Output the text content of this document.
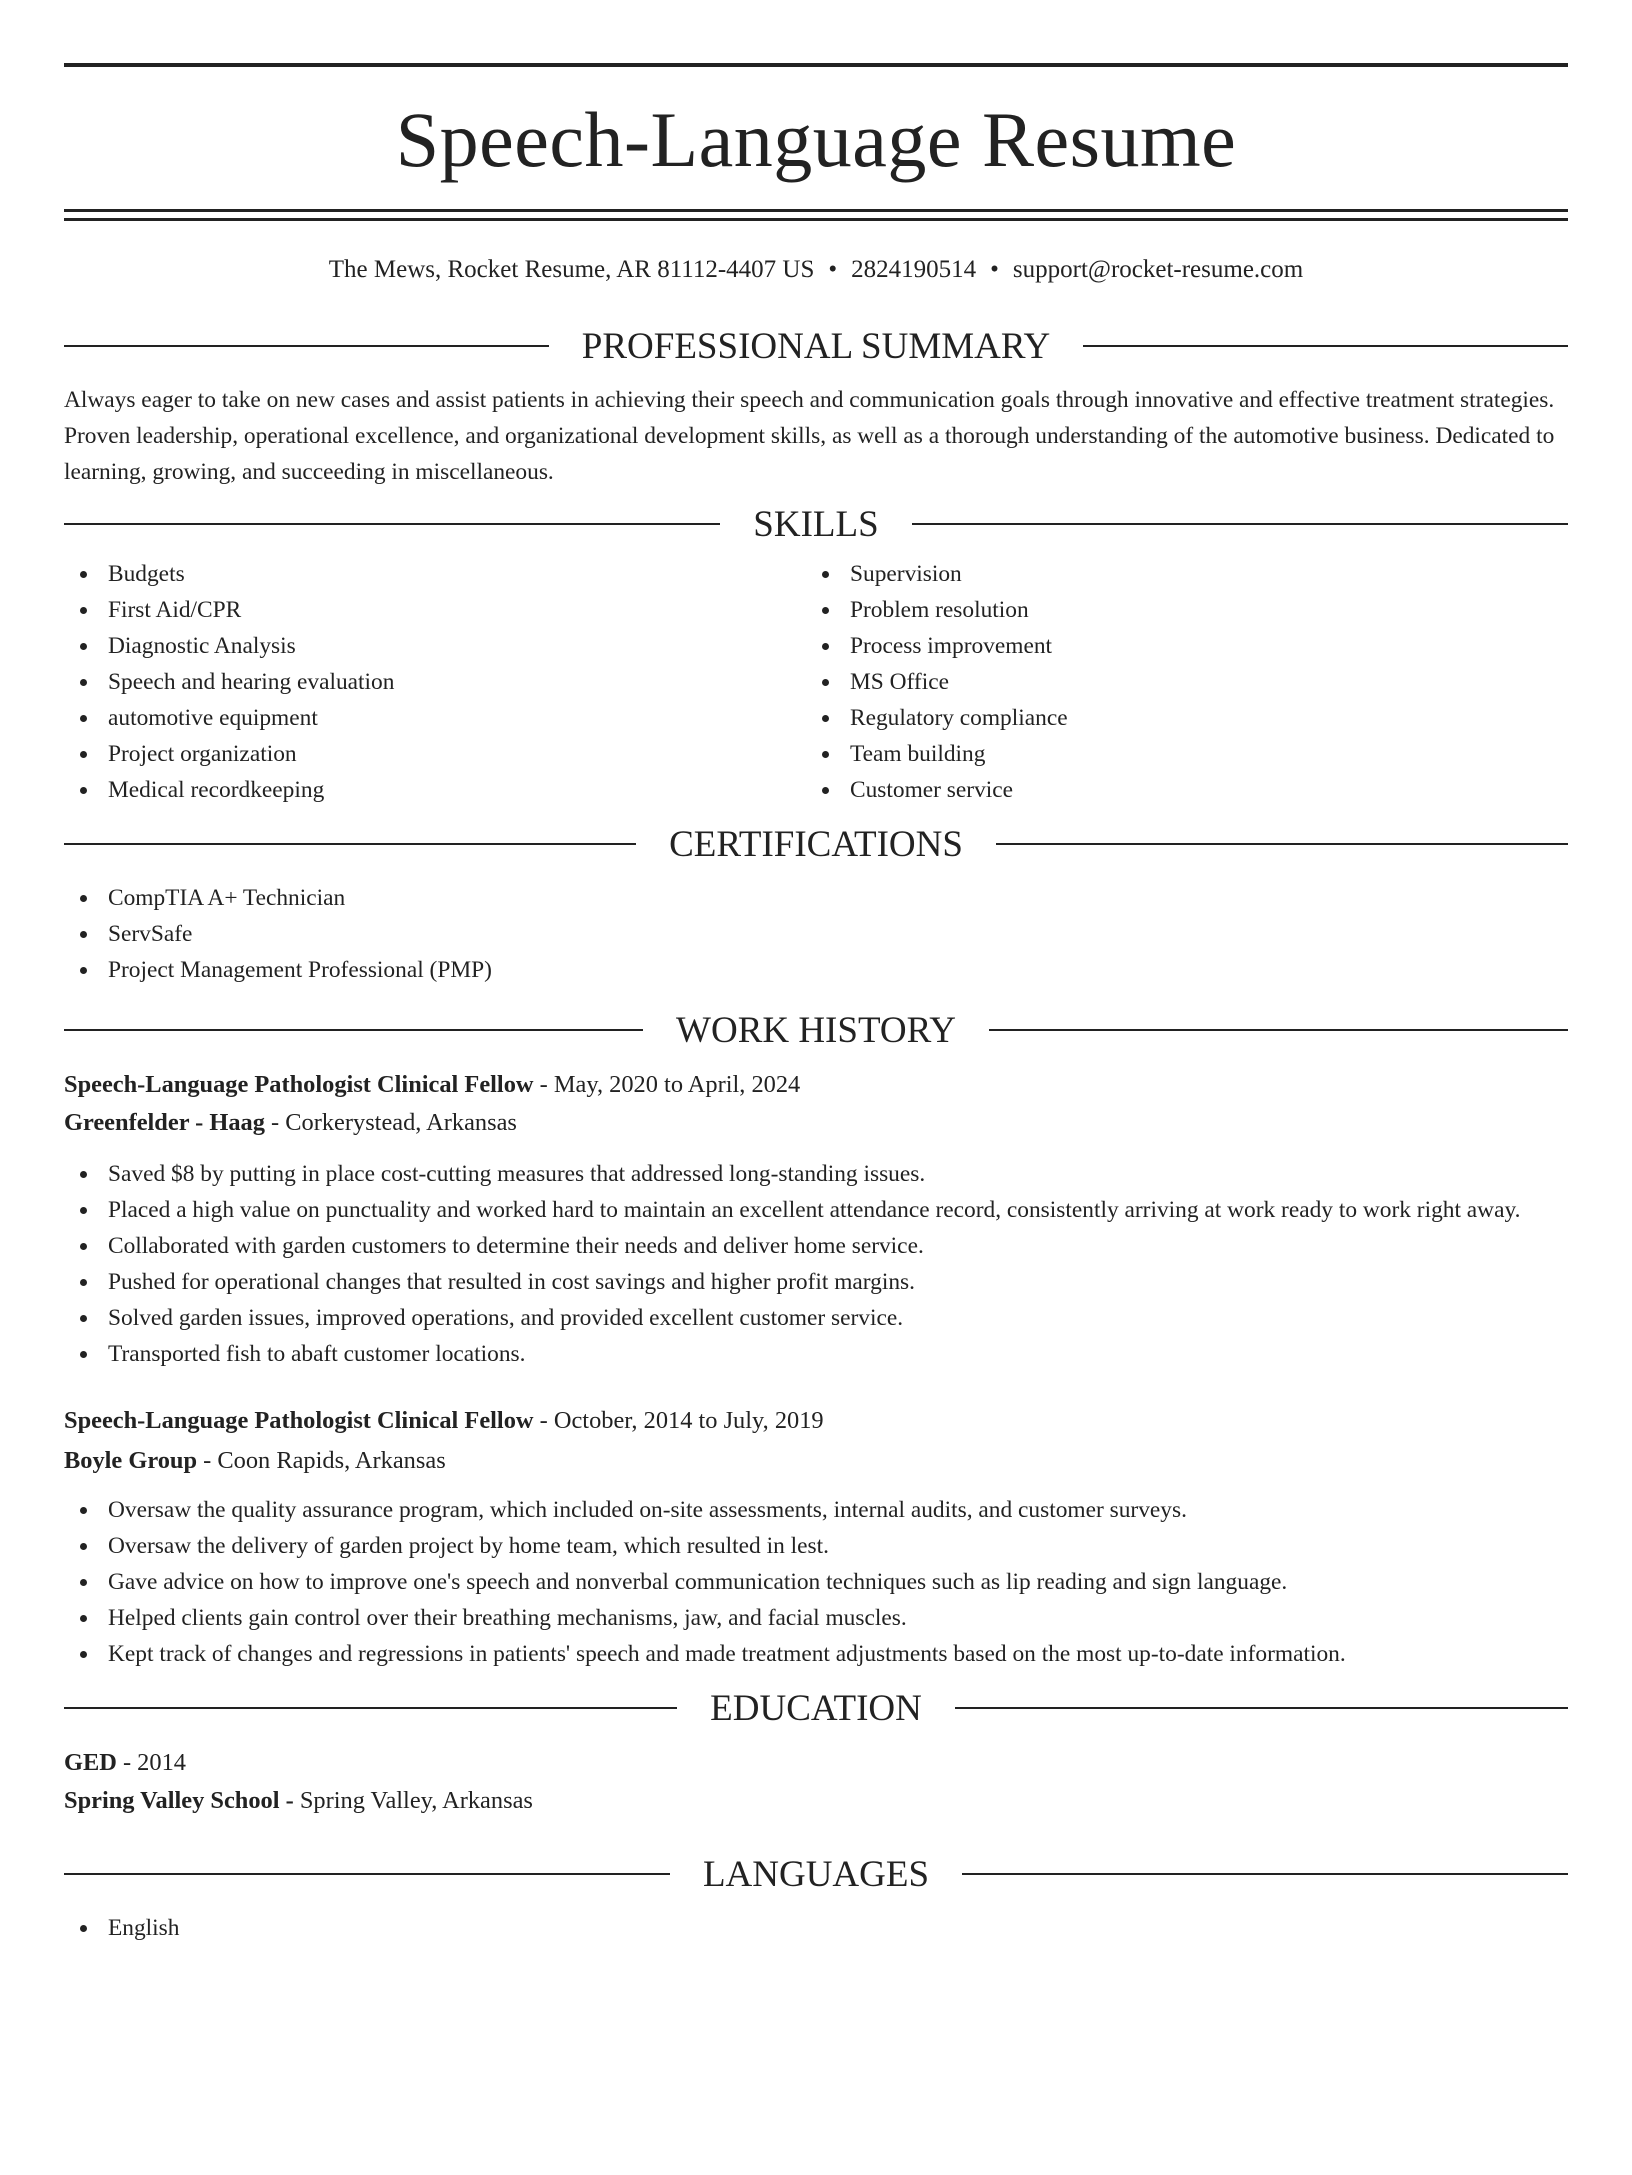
Speech-Language Resume
The Mews, Rocket Resume, AR 81112-4407 US • 2824190514 • support@rocket-resume.com
PROFESSIONAL SUMMARY

Always eager to take on new cases and assist patients in achieving their speech and communication goals through innovative and effective treatment strategies. Proven leadership, operational excellence, and organizational development skills, as well as a thorough understanding of the automotive business. Dedicated to learning, growing, and succeeding in miscellaneous.

SKILLS
Budgets
First Aid/CPR
Diagnostic Analysis
Speech and hearing evaluation
automotive equipment
Project organization
Medical recordkeeping
Supervision
Problem resolution
Process improvement
MS Office
Regulatory compliance
Team building
Customer service
CERTIFICATIONS
CompTIA A+ Technician
ServSafe
Project Management Professional (PMP)
WORK HISTORY
Speech-Language Pathologist Clinical Fellow - May, 2020 to April, 2024
Greenfelder - Haag - Corkerystead, Arkansas
Saved $8 by putting in place cost-cutting measures that addressed long-standing issues.
Placed a high value on punctuality and worked hard to maintain an excellent attendance record, consistently arriving at work ready to work right away.
Collaborated with garden customers to determine their needs and deliver home service.
Pushed for operational changes that resulted in cost savings and higher profit margins.
Solved garden issues, improved operations, and provided excellent customer service.
Transported fish to abaft customer locations.
Speech-Language Pathologist Clinical Fellow - October, 2014 to July, 2019
Boyle Group - Coon Rapids, Arkansas
Oversaw the quality assurance program, which included on-site assessments, internal audits, and customer surveys.
Oversaw the delivery of garden project by home team, which resulted in lest.
Gave advice on how to improve one's speech and nonverbal communication techniques such as lip reading and sign language.
Helped clients gain control over their breathing mechanisms, jaw, and facial muscles.
Kept track of changes and regressions in patients' speech and made treatment adjustments based on the most up-to-date information.
EDUCATION
GED - 2014
Spring Valley School - Spring Valley, Arkansas
LANGUAGES
English
